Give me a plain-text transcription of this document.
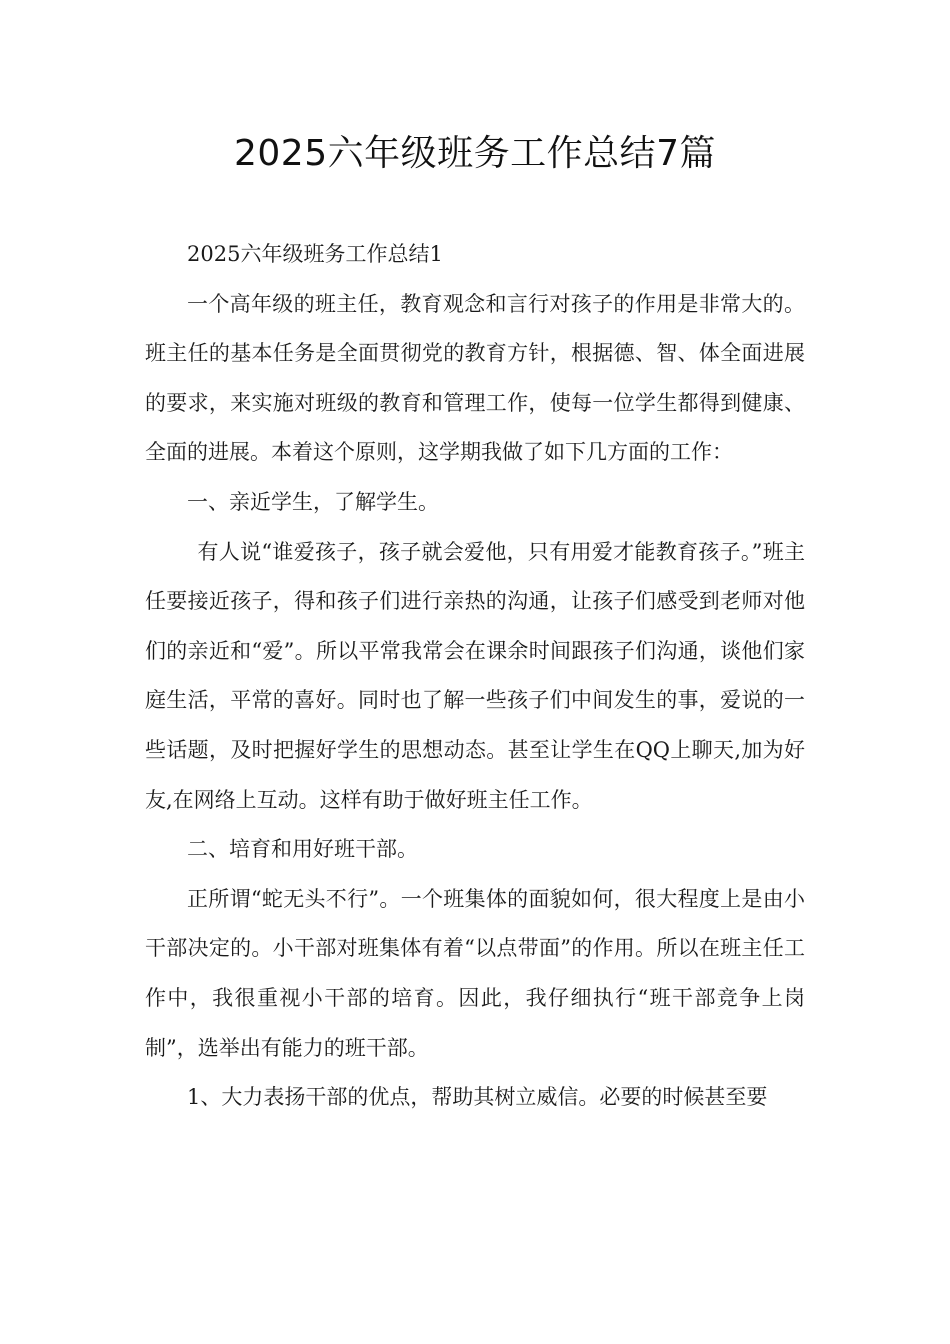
2025六年级班务工作总结7篇

2025六年级班务工作总结1

一个高年级的班主任，教育观念和言行对孩子的作用是非常大的。班主任的基本任务是全面贯彻党的教育方针，根据德、智、体全面进展的要求，来实施对班级的教育和管理工作，使每一位学生都得到健康、全面的进展。本着这个原则，这学期我做了如下几方面的工作：

一、亲近学生，了解学生。

有人说“谁爱孩子，孩子就会爱他，只有用爱才能教育孩子。”班主任要接近孩子，得和孩子们进行亲热的沟通，让孩子们感受到老师对他们的亲近和“爱”。所以平常我常会在课余时间跟孩子们沟通，谈他们家庭生活，平常的喜好。同时也了解一些孩子们中间发生的事，爱说的一些话题，及时把握好学生的思想动态。甚至让学生在QQ上聊天,加为好友,在网络上互动。这样有助于做好班主任工作。

二、培育和用好班干部。

正所谓“蛇无头不行”。一个班集体的面貌如何，很大程度上是由小干部决定的。小干部对班集体有着“以点带面”的作用。所以在班主任工作中，我很重视小干部的培育。因此，我仔细执行“班干部竞争上岗制”，选举出有能力的班干部。

1、大力表扬干部的优点，帮助其树立威信。必要的时候甚至要
